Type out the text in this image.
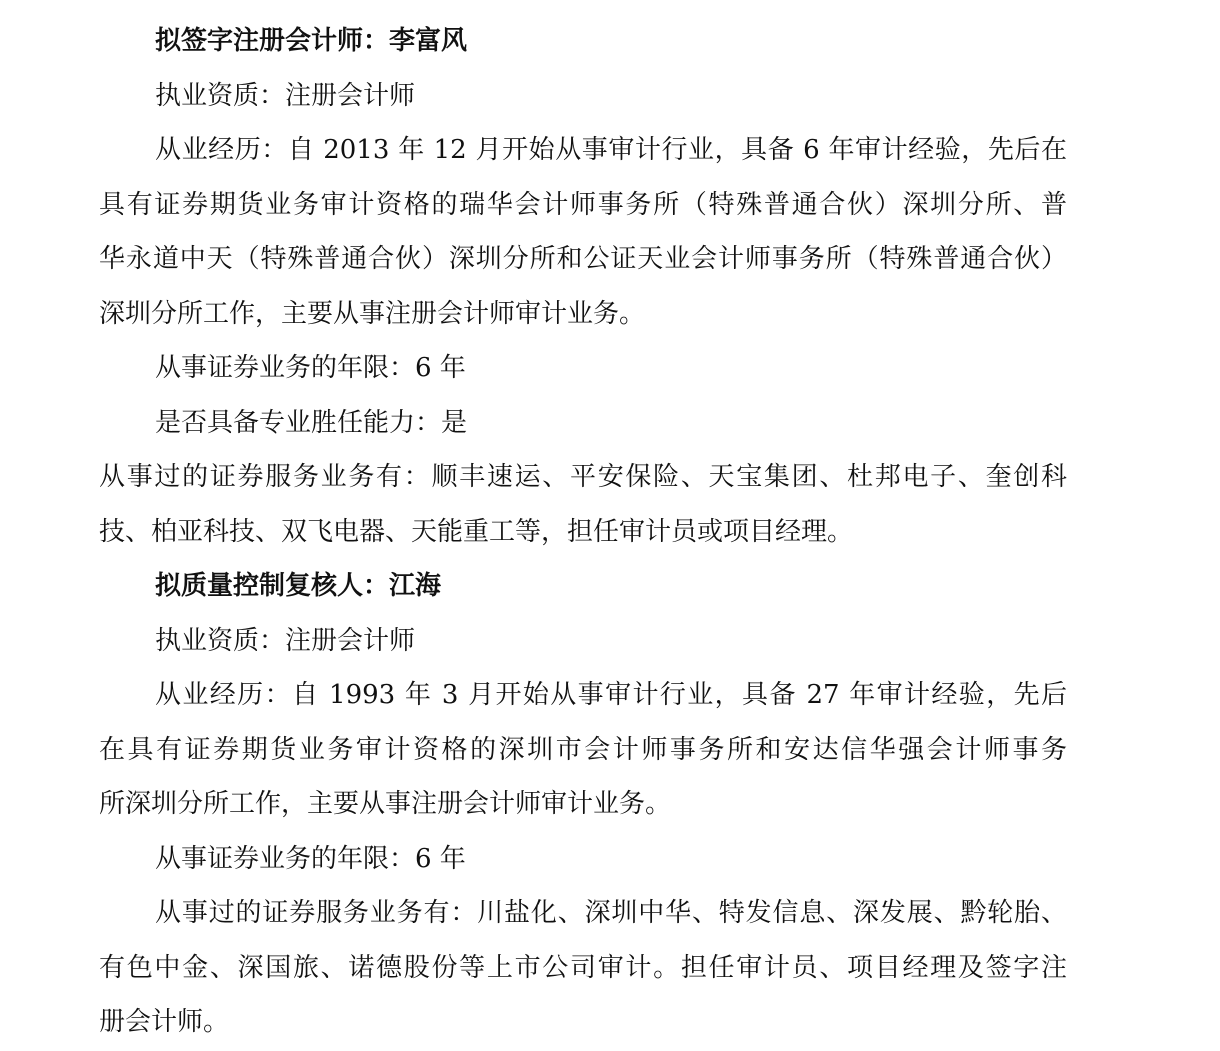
拟签字注册会计师：李富风
执业资质：注册会计师
从业经历：自 2013 年 12 月开始从事审计行业，具备 6 年审计经验，先后在
具有证券期货业务审计资格的瑞华会计师事务所（特殊普通合伙）深圳分所、普
华永道中天（特殊普通合伙）深圳分所和公证天业会计师事务所（特殊普通合伙）
深圳分所工作，主要从事注册会计师审计业务。
从事证券业务的年限：6 年
是否具备专业胜任能力：是
从事过的证券服务业务有：顺丰速运、平安保险、天宝集团、杜邦电子、奎创科
技、柏亚科技、双飞电器、天能重工等，担任审计员或项目经理。
拟质量控制复核人：江海
执业资质：注册会计师
从业经历：自 1993 年 3 月开始从事审计行业，具备 27 年审计经验，先后
在具有证券期货业务审计资格的深圳市会计师事务所和安达信华强会计师事务
所深圳分所工作，主要从事注册会计师审计业务。
从事证券业务的年限：6 年
从事过的证券服务业务有：川盐化、深圳中华、特发信息、深发展、黔轮胎、
有色中金、深国旅、诺德股份等上市公司审计。担任审计员、项目经理及签字注
册会计师。
